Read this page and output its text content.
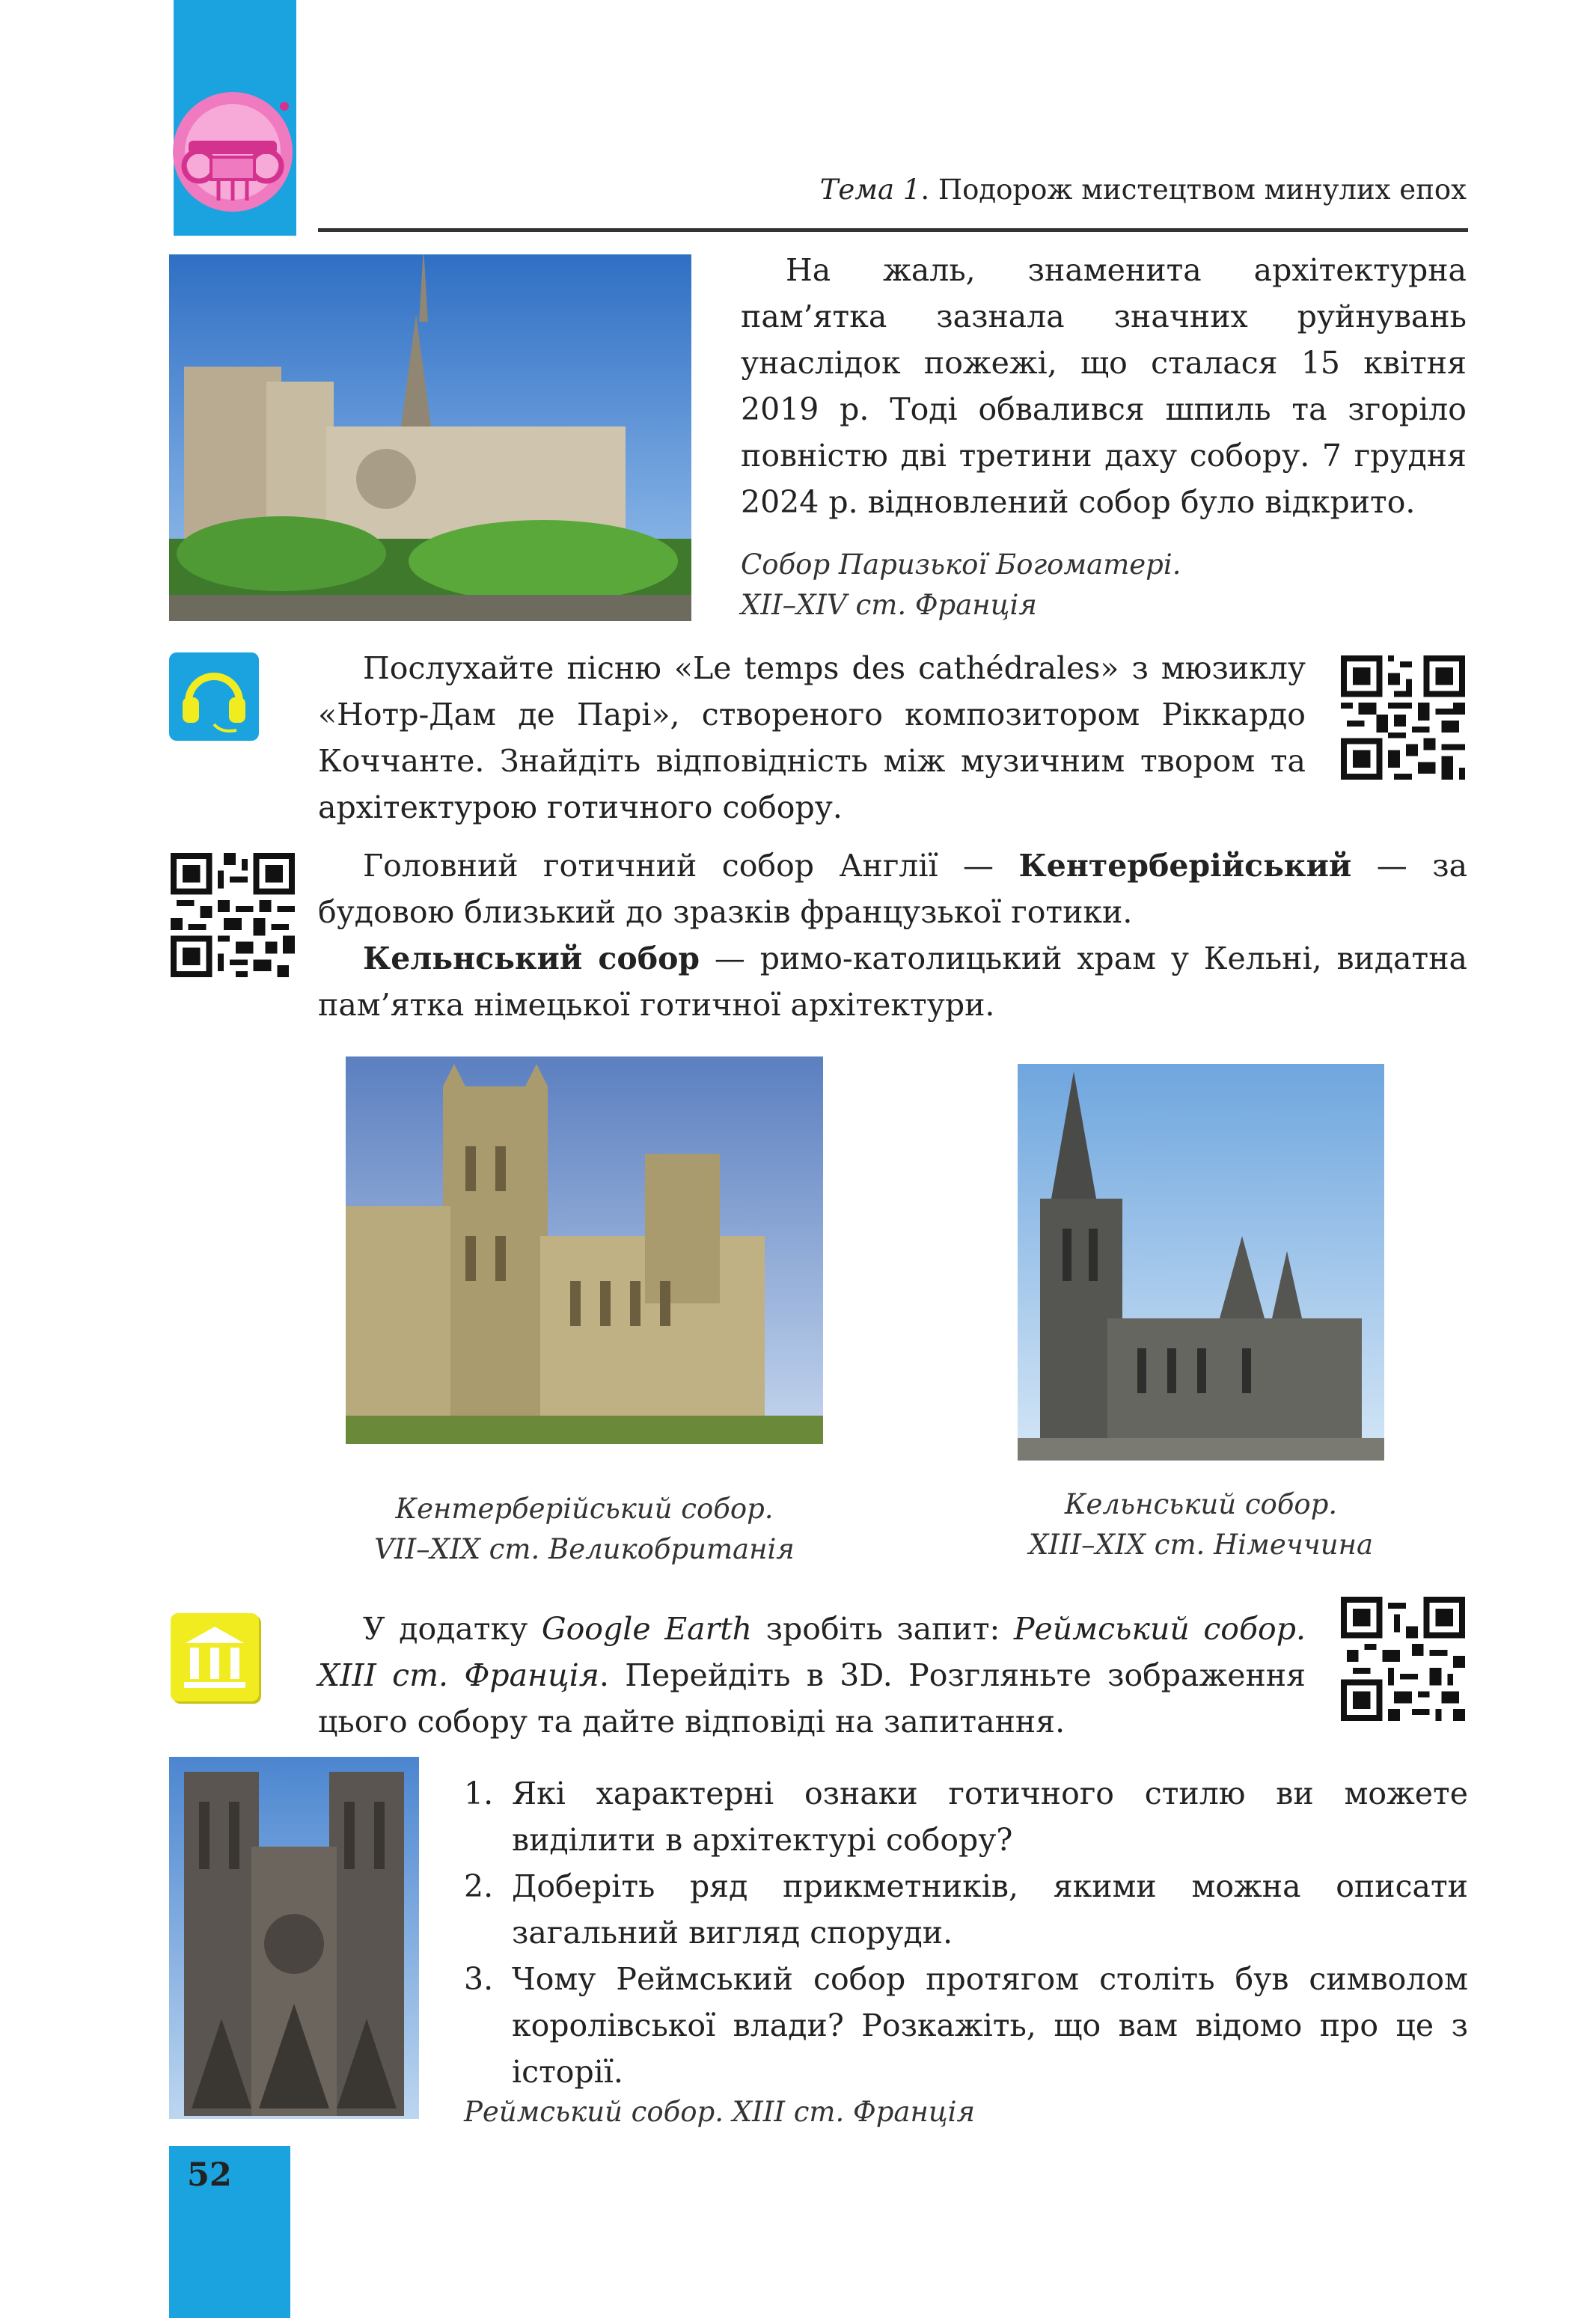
Тема 1. Подорож мистецтвом минулих епох
На жаль, знаменита архітектурна пам’ятка зазнала значних руйнувань унаслідок пожежі, що сталася 15 квітня 2019 р. Тоді обвалився шпиль та згоріло повністю дві третини даху собору. 7 грудня 2024 р. відновлений собор було відкрито.
Собор Паризької Богоматері.
XII–XIV ст. Франція
Послухайте пісню «Le temps des cathédrales» з мюзиклу «Нотр-Дам де Парі», створеного композитором Ріккардо Коччанте. Знайдіть відповідність між музичним твором та архітектурою готичного собору.
Головний готичний собор Англії — Кентерберійський — за будовою близький до зразків французької готики.
Кельнський собор — римо-католицький храм у Кельні, видатна пам’ятка німецької готичної архітектури.
Кентерберійський собор.
VII–XIX ст. Великобританія
Кельнський собор.
XIII–XIX ст. Німеччина
У додатку Google Earth зробіть запит: Реймський собор. XIII ст. Франція. Перейдіть в 3D. Розгляньте зображення цього собору та дайте відповіді на запитання.
1. Які характерні ознаки готичного стилю ви можете виділити в архітектурі собору?
2. Доберіть ряд прикметників, якими можна описати загальний вигляд споруди.
3. Чому Реймський собор протягом століть був символом королівської влади? Розкажіть, що вам відомо про це з історії.
Реймський собор. XIII ст. Франція
52
